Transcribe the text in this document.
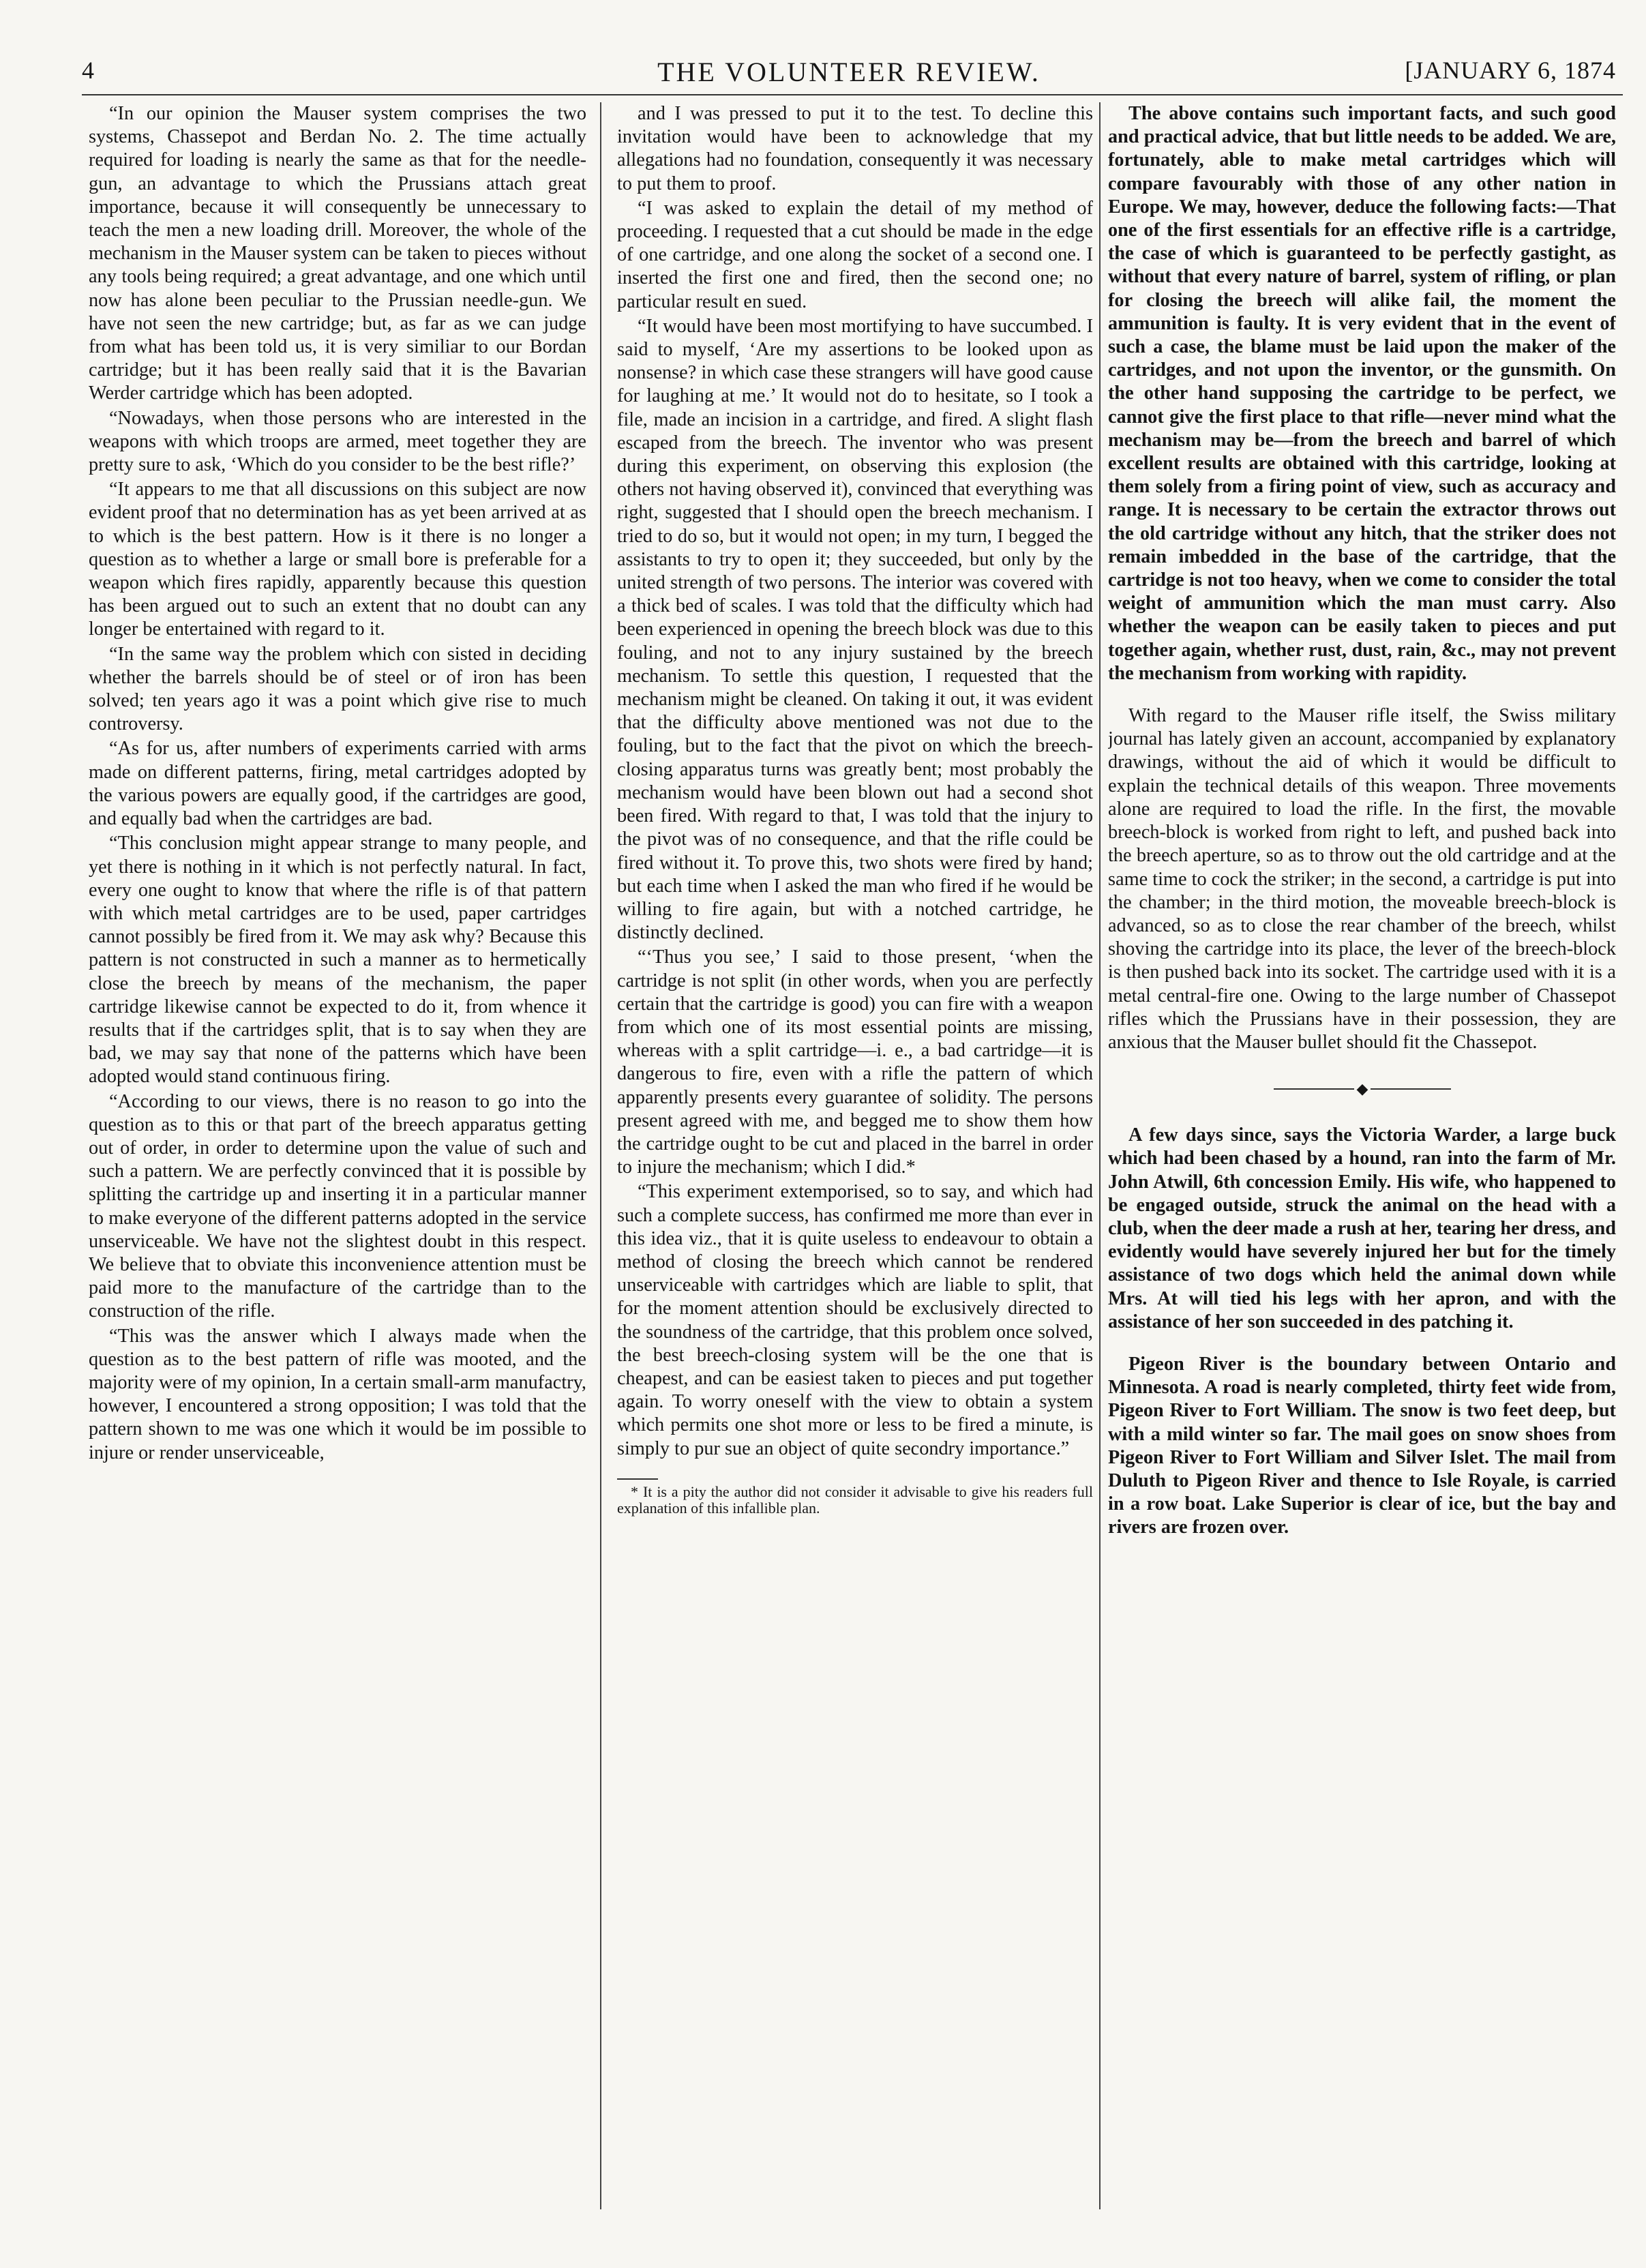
4	THE VOLUNTEER REVIEW.	[JANUARY 6, 1874

“In our opinion the Mauser system comprises the two systems, Chassepot and Berdan No. 2. The time actually required for loading is nearly the same as that for the needle-gun, an advantage to which the Prussians attach great importance, because it will consequently be unnecessary to teach the men a new loading drill. Moreover, the whole of the mechanism in the Mauser system can be taken to pieces without any tools being required; a great advantage, and one which until now has alone been peculiar to the Prussian needle-gun. We have not seen the new cartridge; but, as far as we can judge from what has been told us, it is very similiar to our Bordan cartridge; but it has been really said that it is the Bavarian Werder cartridge which has been adopted.

“Nowadays, when those persons who are interested in the weapons with which troops are armed, meet together they are pretty sure to ask, ‘Which do you consider to be the best rifle?’

“It appears to me that all discussions on this subject are now evident proof that no determination has as yet been arrived at as to which is the best pattern. How is it there is no longer a question as to whether a large or small bore is preferable for a weapon which fires rapidly, apparently because this question has been argued out to such an extent that no doubt can any longer be entertained with regard to it.

“In the same way the problem which con sisted in deciding whether the barrels should be of steel or of iron has been solved; ten years ago it was a point which give rise to much controversy.

“As for us, after numbers of experiments carried with arms made on different patterns, firing, metal cartridges adopted by the various powers are equally good, if the cartridges are good, and equally bad when the cartridges are bad.

“This conclusion might appear strange to many people, and yet there is nothing in it which is not perfectly natural. In fact, every one ought to know that where the rifle is of that pattern with which metal cartridges are to be used, paper cartridges cannot possibly be fired from it. We may ask why? Because this pattern is not constructed in such a manner as to hermetically close the breech by means of the mechanism, the paper cartridge likewise cannot be expected to do it, from whence it results that if the cartridges split, that is to say when they are bad, we may say that none of the patterns which have been adopted would stand continuous firing.

“According to our views, there is no reason to go into the question as to this or that part of the breech apparatus getting out of order, in order to determine upon the value of such and such a pattern. We are perfectly convinced that it is possible by splitting the cartridge up and inserting it in a particular manner to make everyone of the different patterns adopted in the service unserviceable. We have not the slightest doubt in this respect. We believe that to obviate this inconvenience attention must be paid more to the manufacture of the cartridge than to the construction of the rifle.

“This was the answer which I always made when the question as to the best pattern of rifle was mooted, and the majority were of my opinion, In a certain small-arm manufactry, however, I encountered a strong opposition; I was told that the pattern shown to me was one which it would be im possible to injure or render unserviceable,

and I was pressed to put it to the test. To decline this invitation would have been to acknowledge that my allegations had no foundation, consequently it was necessary to put them to proof.

“I was asked to explain the detail of my method of proceeding. I requested that a cut should be made in the edge of one cartridge, and one along the socket of a second one. I inserted the first one and fired, then the second one; no particular result en sued.

“It would have been most mortifying to have succumbed. I said to myself, ‘Are my assertions to be looked upon as nonsense? in which case these strangers will have good cause for laughing at me.’ It would not do to hesitate, so I took a file, made an incision in a cartridge, and fired. A slight flash escaped from the breech. The inventor who was present during this experiment, on observing this explosion (the others not having observed it), convinced that everything was right, suggested that I should open the breech mechanism. I tried to do so, but it would not open; in my turn, I begged the assistants to try to open it; they succeeded, but only by the united strength of two persons. The interior was covered with a thick bed of scales. I was told that the difficulty which had been experienced in opening the breech block was due to this fouling, and not to any injury sustained by the breech mechanism. To settle this question, I requested that the mechanism might be cleaned. On taking it out, it was evident that the difficulty above mentioned was not due to the fouling, but to the fact that the pivot on which the breech-closing apparatus turns was greatly bent; most probably the mechanism would have been blown out had a second shot been fired. With regard to that, I was told that the injury to the pivot was of no consequence, and that the rifle could be fired without it. To prove this, two shots were fired by hand; but each time when I asked the man who fired if he would be willing to fire again, but with a notched cartridge, he distinctly declined.

“‘Thus you see,’ I said to those present, ‘when the cartridge is not split (in other words, when you are perfectly certain that the cartridge is good) you can fire with a weapon from which one of its most essential points are missing, whereas with a split cartridge—i. e., a bad cartridge—it is dangerous to fire, even with a rifle the pattern of which apparently presents every guarantee of solidity. The persons present agreed with me, and begged me to show them how the cartridge ought to be cut and placed in the barrel in order to injure the mechanism; which I did.*

“This experiment extemporised, so to say, and which had such a complete success, has confirmed me more than ever in this idea viz., that it is quite useless to endeavour to obtain a method of closing the breech which cannot be rendered unserviceable with cartridges which are liable to split, that for the moment attention should be exclusively directed to the soundness of the cartridge, that this problem once solved, the best breech-closing system will be the one that is cheapest, and can be easiest taken to pieces and put together again. To worry oneself with the view to obtain a system which permits one shot more or less to be fired a minute, is simply to pur sue an object of quite secondry importance.”

* It is a pity the author did not consider it advisable to give his readers full explanation of this infallible plan.

The above contains such important facts, and such good and practical advice, that but little needs to be added. We are, fortunately, able to make metal cartridges which will compare favourably with those of any other nation in Europe. We may, however, deduce the following facts:—That one of the first essentials for an effective rifle is a cartridge, the case of which is guaranteed to be perfectly gastight, as without that every nature of barrel, system of rifling, or plan for closing the breech will alike fail, the moment the ammunition is faulty. It is very evident that in the event of such a case, the blame must be laid upon the maker of the cartridges, and not upon the inventor, or the gunsmith. On the other hand supposing the cartridge to be perfect, we cannot give the first place to that rifle—never mind what the mechanism may be—from the breech and barrel of which excellent results are obtained with this cartridge, looking at them solely from a firing point of view, such as accuracy and range. It is necessary to be certain the extractor throws out the old cartridge without any hitch, that the striker does not remain imbedded in the base of the cartridge, that the cartridge is not too heavy, when we come to consider the total weight of ammunition which the man must carry. Also whether the weapon can be easily taken to pieces and put together again, whether rust, dust, rain, &c., may not prevent the mechanism from working with rapidity.

With regard to the Mauser rifle itself, the Swiss military journal has lately given an account, accompanied by explanatory drawings, without the aid of which it would be difficult to explain the technical details of this weapon. Three movements alone are required to load the rifle. In the first, the movable breech-block is worked from right to left, and pushed back into the breech aperture, so as to throw out the old cartridge and at the same time to cock the striker; in the second, a cartridge is put into the chamber; in the third motion, the moveable breech-block is advanced, so as to close the rear chamber of the breech, whilst shoving the cartridge into its place, the lever of the breech-block is then pushed back into its socket. The cartridge used with it is a metal central-fire one. Owing to the large number of Chassepot rifles which the Prussians have in their possession, they are anxious that the Mauser bullet should fit the Chassepot.

◆

A few days since, says the Victoria Warder, a large buck which had been chased by a hound, ran into the farm of Mr. John Atwill, 6th concession Emily. His wife, who happened to be engaged outside, struck the animal on the head with a club, when the deer made a rush at her, tearing her dress, and evidently would have severely injured her but for the timely assistance of two dogs which held the animal down while Mrs. At will tied his legs with her apron, and with the assistance of her son succeeded in des patching it.

Pigeon River is the boundary between Ontario and Minnesota. A road is nearly completed, thirty feet wide from, Pigeon River to Fort William. The snow is two feet deep, but with a mild winter so far. The mail goes on snow shoes from Pigeon River to Fort William and Silver Islet. The mail from Duluth to Pigeon River and thence to Isle Royale, is carried in a row boat. Lake Superior is clear of ice, but the bay and rivers are frozen over.
